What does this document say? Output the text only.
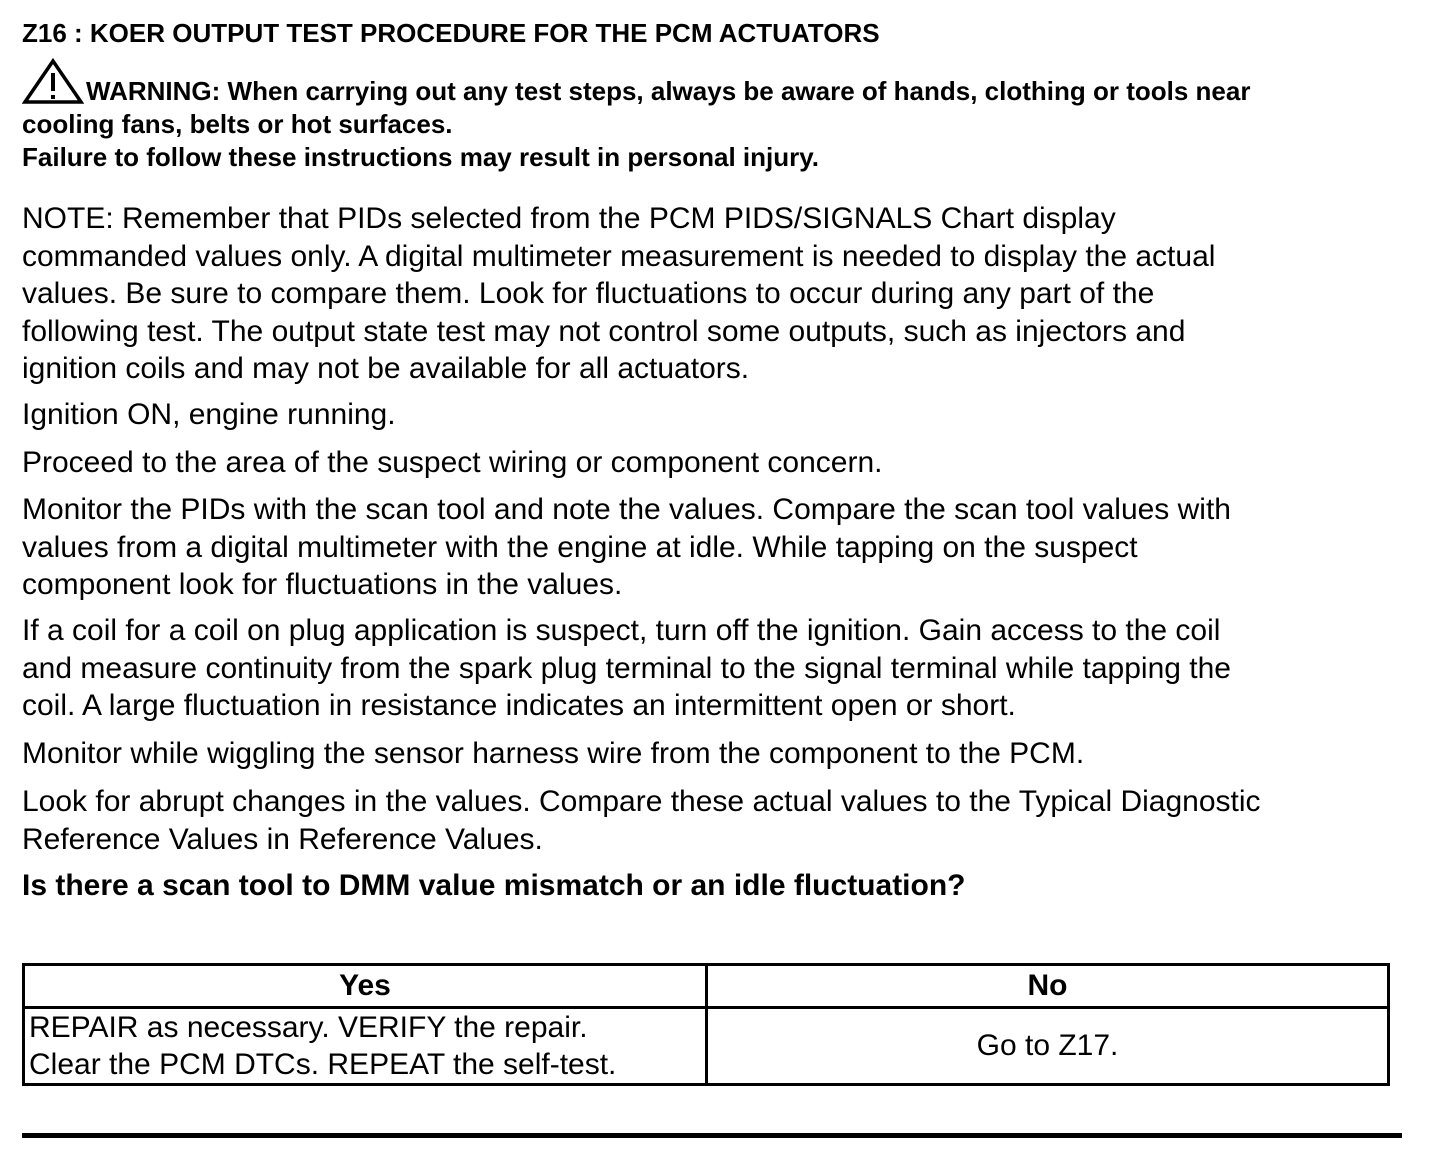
Z16 : KOER OUTPUT TEST PROCEDURE FOR THE PCM ACTUATORS
WARNING: When carrying out any test steps, always be aware of hands, clothing or tools near
cooling fans, belts or hot surfaces.
Failure to follow these instructions may result in personal injury.
NOTE: Remember that PIDs selected from the PCM PIDS/SIGNALS Chart display
commanded values only. A digital multimeter measurement is needed to display the actual
values. Be sure to compare them. Look for fluctuations to occur during any part of the
following test. The output state test may not control some outputs, such as injectors and
ignition coils and may not be available for all actuators.
Ignition ON, engine running.
Proceed to the area of the suspect wiring or component concern.
Monitor the PIDs with the scan tool and note the values. Compare the scan tool values with
values from a digital multimeter with the engine at idle. While tapping on the suspect
component look for fluctuations in the values.
If a coil for a coil on plug application is suspect, turn off the ignition. Gain access to the coil
and measure continuity from the spark plug terminal to the signal terminal while tapping the
coil. A large fluctuation in resistance indicates an intermittent open or short.
Monitor while wiggling the sensor harness wire from the component to the PCM.
Look for abrupt changes in the values. Compare these actual values to the Typical Diagnostic
Reference Values in Reference Values.
Is there a scan tool to DMM value mismatch or an idle fluctuation?
Yes	No

REPAIR as necessary. VERIFY the repair.
Clear the PCM DTCs. REPEAT the self-test.	Go to Z17.
